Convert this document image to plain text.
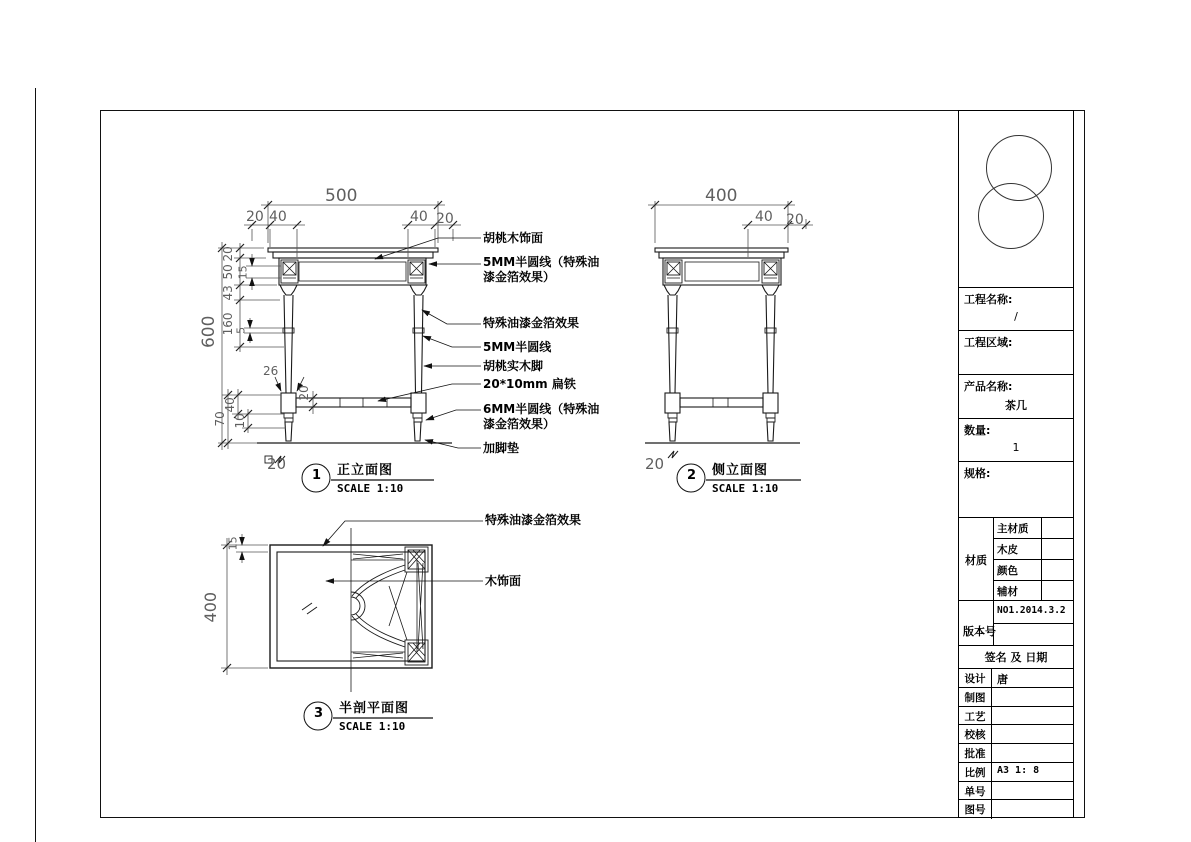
500
20 40	40 20
600
20
50
43
160
15
5
70
40
10
26
20
20
胡桃木饰面
5MM半圆线（特殊油漆金箔效果）
特殊油漆金箔效果
5MM半圆线
胡桃实木脚
20*10mm 扁铁
6MM半圆线（特殊油漆金箔效果）
加脚垫
1 正立面图
SCALE 1:10
400
40 20
20
2 侧立面图
SCALE 1:10
400
15
特殊油漆金箔效果
木饰面
3 半剖平面图
SCALE 1:10
工程名称:
/
工程区域:
产品名称:
茶几
数量:
1
规格:
材质
主材质
木皮
颜色
辅材
版本号
NO1.2014.3.2
签名 及 日期
设计	唐
制图
工艺
校核
批准
比例	A3 1: 8
单号
图号
